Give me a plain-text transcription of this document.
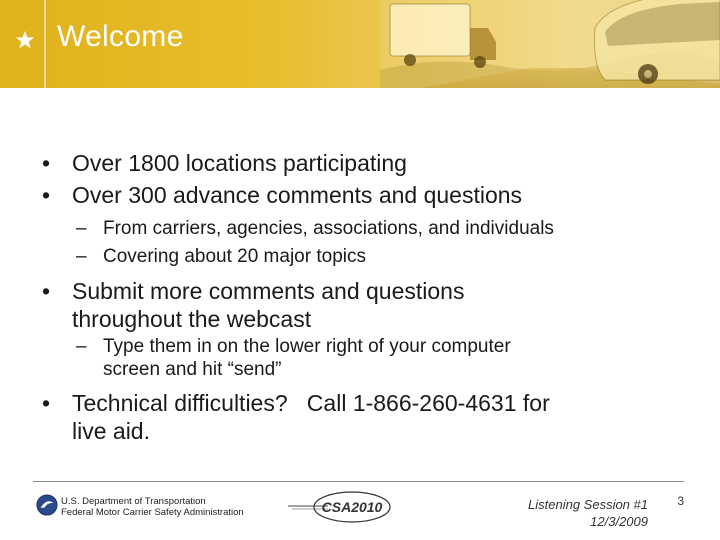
Welcome
• Over 1800 locations participating
• Over 300 advance comments and questions
– From carriers, agencies, associations, and individuals
– Covering about 20 major topics
• Submit more comments and questions
throughout the webcast
– Type them in on the lower right of your computer
screen and hit “send”
• Technical difficulties?   Call 1-866-260-4631 for
live aid.
U.S. Department of Transportation
Federal Motor Carrier Safety Administration	CSA2010	Listening Session #1
12/3/2009
3
